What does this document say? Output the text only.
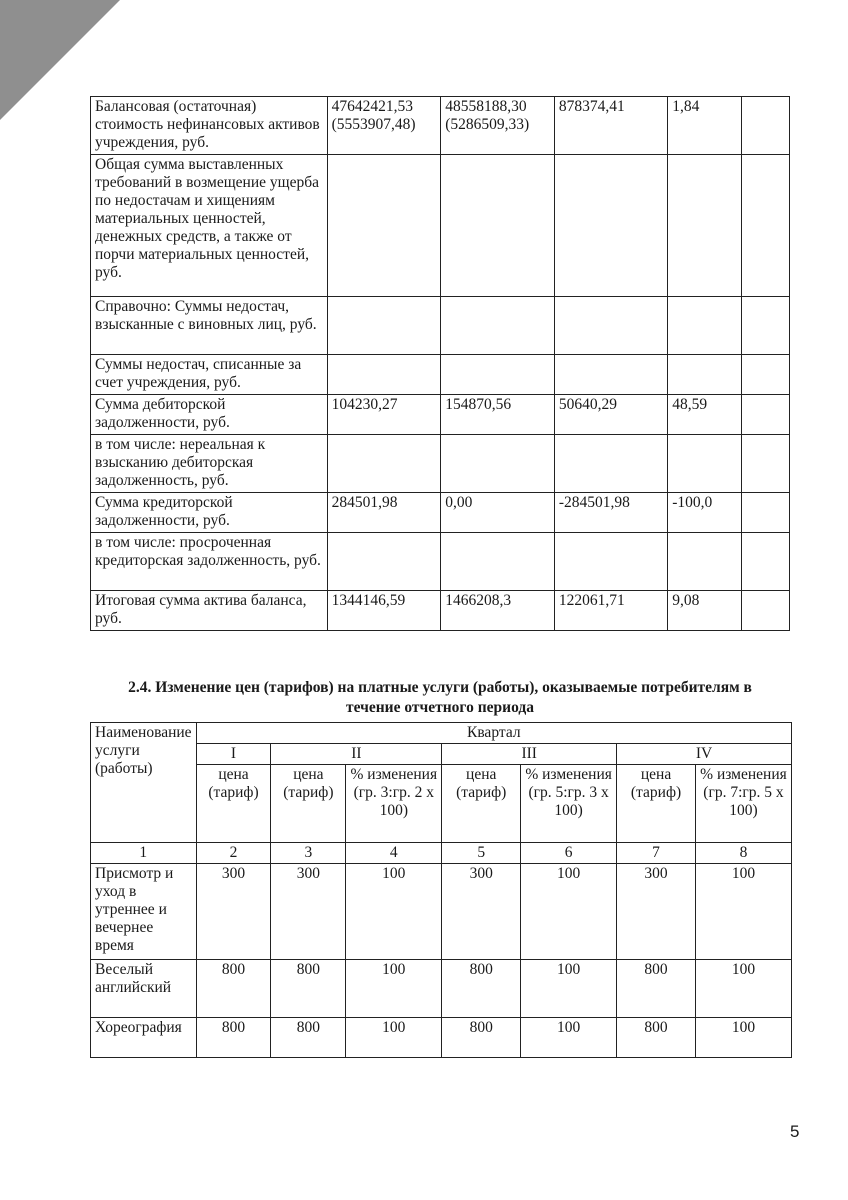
Балансовая (остаточная) стоимость нефинансовых активов учреждения, руб.	47642421,53 (5553907,48)	48558188,30 (5286509,33)	878374,41	1,84	
Общая сумма выставленных требований в возмещение ущерба по недостачам и хищениям материальных ценностей, денежных средств, а также от порчи материальных ценностей, руб.					
Справочно: Суммы недостач, взысканные с виновных лиц, руб.					
Суммы недостач, списанные за счет учреждения, руб.					
Сумма дебиторской задолженности, руб.	104230,27	154870,56	50640,29	48,59	
в том числе: нереальная к взысканию дебиторская задолженность, руб.					
Сумма кредиторской задолженности, руб.	284501,98	0,00	-284501,98	-100,0	
в том числе: просроченная кредиторская задолженность, руб.					
Итоговая сумма актива баланса, руб.	1344146,59	1466208,3	122061,71	9,08	
2.4. Изменение цен (тарифов) на платные услуги (работы), оказываемые потребителям в
течение отчетного периода
Наименование услуги (работы)	Квартал						
	I	II		III		IV	
	цена (тариф)	цена (тариф)	% изменения (гр. 3:гр. 2 х 100)	цена (тариф)	% изменения (гр. 5:гр. 3 х 100)	цена (тариф)	% изменения (гр. 7:гр. 5 х 100)
1	2	3	4	5	6	7	8
Присмотр и уход в утреннее и вечернее время	300	300	100	300	100	300	100
Веселый английский	800	800	100	800	100	800	100
Хореография	800	800	100	800	100	800	100
5
